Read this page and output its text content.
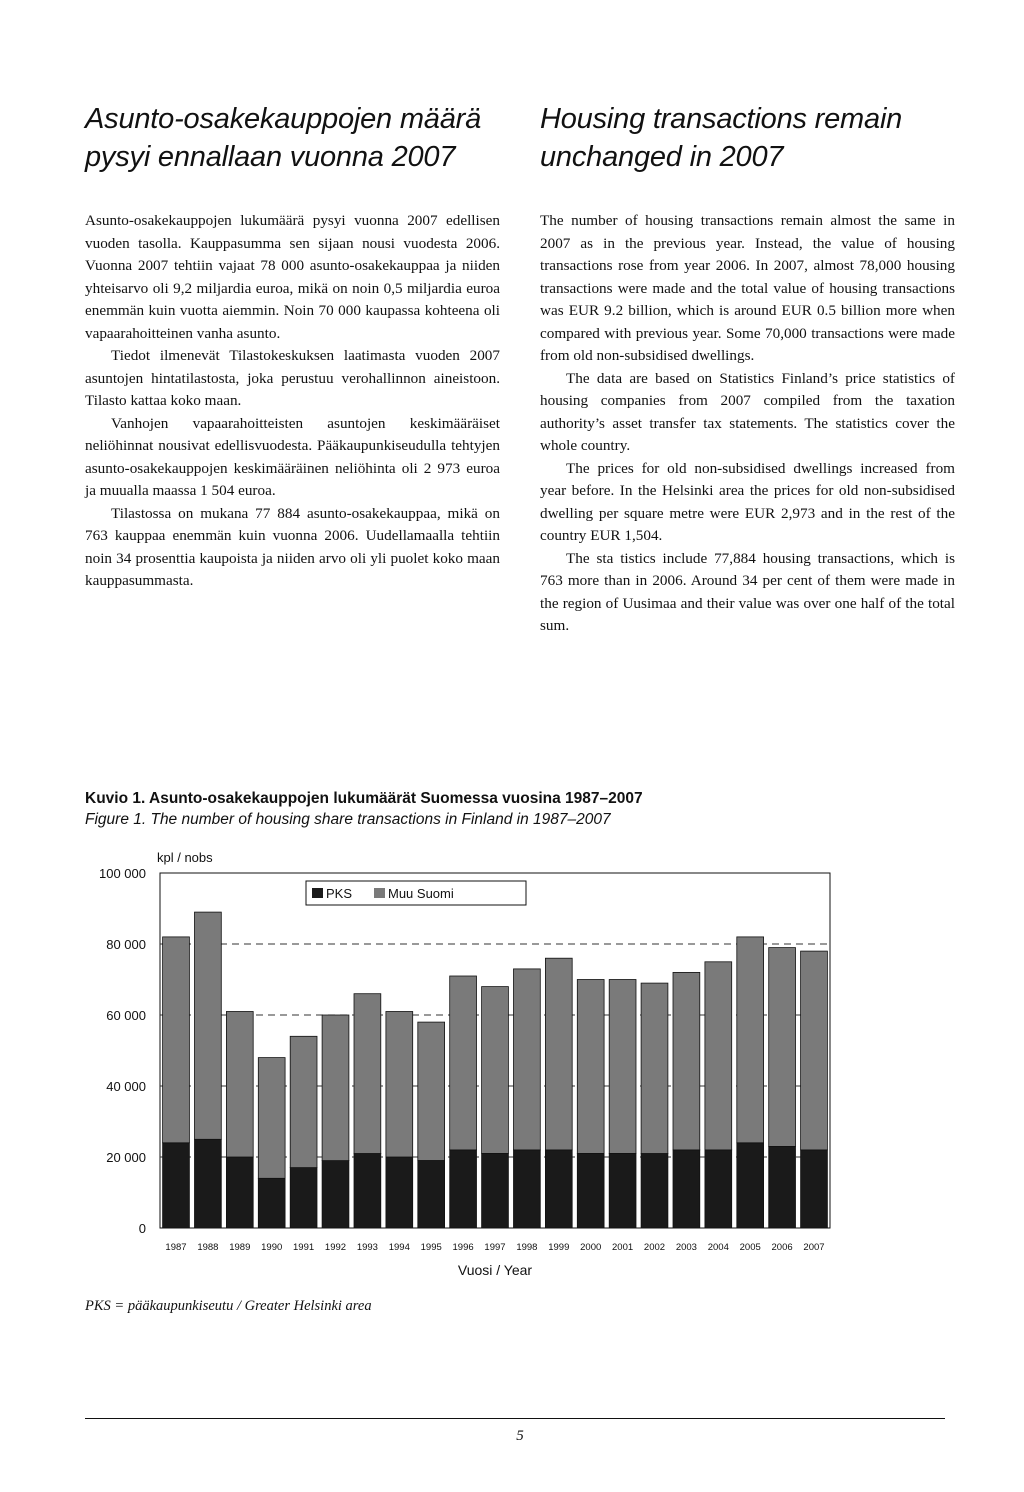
Asunto-osakekauppojen määrä
pysyi ennallaan vuonna 2007

Asunto-osakekauppojen lukumäärä pysyi vuonna 2007 edellisen vuoden tasolla. Kauppasumma sen sijaan nousi vuodesta 2006. Vuonna 2007 tehtiin vajaat 78 000 asunto-osakekauppaa ja niiden yhteisarvo oli 9,2 miljardia euroa, mikä on noin 0,5 miljardia euroa enemmän kuin vuotta aiemmin. Noin 70 000 kaupassa kohteena oli vapaarahoitteinen vanha asunto.

Tiedot ilmenevät Tilastokeskuksen laatimasta vuoden 2007 asuntojen hintatilastosta, joka perustuu verohallinnon aineistoon. Tilasto kattaa koko maan.

Vanhojen vapaarahoitteisten asuntojen keskimääräiset neliöhinnat nousivat edellisvuodesta. Pääkaupunkiseudulla tehtyjen asunto-osakekauppojen keskimääräinen neliöhinta oli 2 973 euroa ja muualla maassa 1 504 euroa.

Tilastossa on mukana 77 884 asunto-osakekauppaa, mikä on 763 kauppaa enemmän kuin vuonna 2006. Uudellamaalla tehtiin noin 34 prosenttia kaupoista ja niiden arvo oli yli puolet koko maan kauppasummasta.

Housing transactions remain
unchanged in 2007

The number of housing transactions remain almost the same in 2007 as in the previous year. Instead, the value of housing transactions rose from year 2006. In 2007, almost 78,000 housing transactions were made and the total value of housing transactions was EUR 9.2 billion, which is around EUR 0.5 billion more when compared with previous year. Some 70,000 transactions were made from old non-subsidised dwellings.

The data are based on Statistics Finland’s price statistics of housing companies from 2007 compiled from the taxation authority’s asset transfer tax statements. The statistics cover the whole country.

The prices for old non-subsidised dwellings increased from year before. In the Helsinki area the prices for old non-subsidised dwelling per square metre were EUR 2,973 and in the rest of the country EUR 1,504.

The sta tistics include 77,884 housing transactions, which is 763 more than in 2006. Around 34 per cent of them were made in the region of Uusimaa and their value was over one half of the total sum.

Kuvio 1. Asunto-osakekauppojen lukumäärät Suomessa vuosina 1987–2007
Figure 1. The number of housing share transactions in Finland in 1987–2007
0
20 000
40 000
60 000
80 000
100 000
1987 1988 1989 1990 1991 1992 1993 1994 1995 1996 1997 1998 1999 2000 2001 2002 2003 2004 2005 2006 2007
kpl / nobs
Vuosi / Year
PKS	Muu Suomi
PKS = pääkaupunkiseutu / Greater Helsinki area
5
